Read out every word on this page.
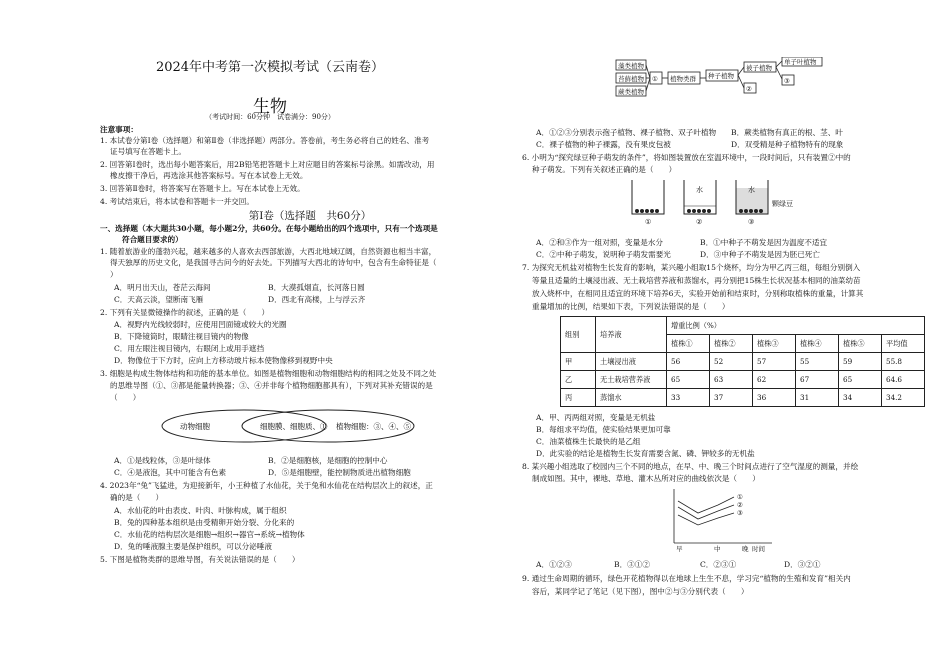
2024年中考第一次模拟考试（云南卷）
生物
（考试时间：60分钟　试卷满分：90分）
注意事项：
1. 本试卷分第Ⅰ卷（选择题）和第Ⅱ卷（非选择题）两部分。答卷前，考生务必将自己的姓名、准考
证号填写在答题卡上。
2. 回答第Ⅰ卷时，选出每小题答案后，用2B铅笔把答题卡上对应题目的答案标号涂黑。如需改动，用
橡皮擦干净后，再选涂其他答案标号。写在本试卷上无效。
3. 回答第Ⅱ卷时，将答案写在答题卡上。写在本试卷上无效。
4. 考试结束后，将本试卷和答题卡一并交回。
第Ⅰ卷（选择题　共60分）
一、选择题（本大题共30小题，每小题2分，共60分。在每小题给出的四个选项中，只有一个选项是
符合题目要求的）
1. 随着旅游业的蓬勃兴起，越来越多的人喜欢去西部旅游，大西北地域辽阔，自然资源也相当丰富，
得天独厚的历史文化，是我国寻古问今的好去处。下列描写大西北的诗句中，包含有生命特征是（
）
A．明月出天山，苍茫云海间	B．大漠孤烟直，长河落日圆
C．天高云淡，望断南飞雁	D．西北有高楼，上与浮云齐
2. 下列有关显微镜操作的叙述，正确的是（　　）
A．视野内光线较弱时，应使用凹面镜或较大的光圈
B．下降镜筒时，眼睛注视目镜内的物像
C．用左眼注视目镜内，右眼闭上或用手遮挡
D．物像位于下方时，应向上方移动玻片标本使物像移到视野中央
3. 细胞是构成生物体结构和功能的基本单位。如图是植物细胞和动物细胞结构的相同之处及不同之处
的思维导图（①、③都是能量转换器；③、④并非每个植物细胞都具有），下列对其补充错误的是
（　　）
动物细胞	细胞膜、细胞质、① 植物细胞：③、④、⑤
A．①是线粒体，③是叶绿体	B．②是细胞核，是细胞的控制中心
C．④是液泡，其中可能含有色素	D．⑤是细胞壁，能控制物质进出植物细胞
4. 2023年“兔”飞猛进，为迎接新年，小王种植了水仙花，关于兔和水仙花在结构层次上的叙述，正
确的是（　　）
A．水仙花的叶由表皮、叶肉、叶脉构成，属于组织
B．兔的四种基本组织是由受精卵开始分裂、分化来的
C．水仙花的结构层次是细胞→组织→器官→系统→植物体
D．兔的唾液腺主要是保护组织，可以分泌唾液
5. 下图是植物类群的思维导图，有关说法错误的是（　　）
藻类植物
苔藓植物
蕨类植物
① 植物类群 种子植物
②
被子植物
单子叶植物
③
A．①②③分别表示孢子植物、裸子植物、双子叶植物 B．蕨类植物有真正的根、茎、叶
C．裸子植物的种子裸露，没有果皮包被	D．双受精是种子植物特有的现象
6. 小明为“探究绿豆种子萌发的条件”，将如图装置放在室温环境中，一段时间后，只有装置②中的
种子萌发。下列有关叙述正确的是（　　）
①
水
②
水
颗绿豆
③
A．②和③作为一组对照，变量是水分	B．①中种子不萌发是因为温度不适宜
C．②中种子萌发，说明种子萌发需要光	D．③中种子不萌发是因为胚已死亡
7. 为探究无机盐对植物生长发育的影响，某兴趣小组取15个烧杯，均分为甲乙丙三组，每组分别倒入
等量且适量的土壤浸出液、无土栽培营养液和蒸馏水，再分别把15株生长状况基本相同的油菜幼苗
放入烧杯中，在相同且适宜的环境下培养6天，实验开始前和结束时，分别称取植株的重量，计算其
重量增加的比例，结果如下表，下列说法错误的是（　　）
组别	培养液	增重比例（%）					
		植株①	植株②	植株③	植株④	植株⑤	平均值
甲	土壤浸出液	56	52	57	55	59	55.8
乙	无土栽培营养液	65	63	62	67	65	64.6
丙	蒸馏水	33	37	36	31	34	34.2
A．甲、丙两组对照，变量是无机盐
B．每组求平均值，使实验结果更加可靠
C．油菜植株生长最快的是乙组
D．此实验的结论是植物生长发育需要含氮、磷、钾较多的无机盐
8. 某兴趣小组选取了校园内三个不同的地点，在早、中、晚三个时间点进行了空气湿度的测量，并绘
制成如图。其中，裸地、草地、灌木丛所对应的曲线依次是（　　）
①
②
③
早	中	晚 时间
A．①②③	B．③①②	C．②③①	D．③②①
9. 通过生命周期的循环，绿色开花植物得以在地球上生生不息，学习完“植物的生殖和发育”相关内
容后，某同学记了笔记（见下图），图中②与③分别代表（　　）
